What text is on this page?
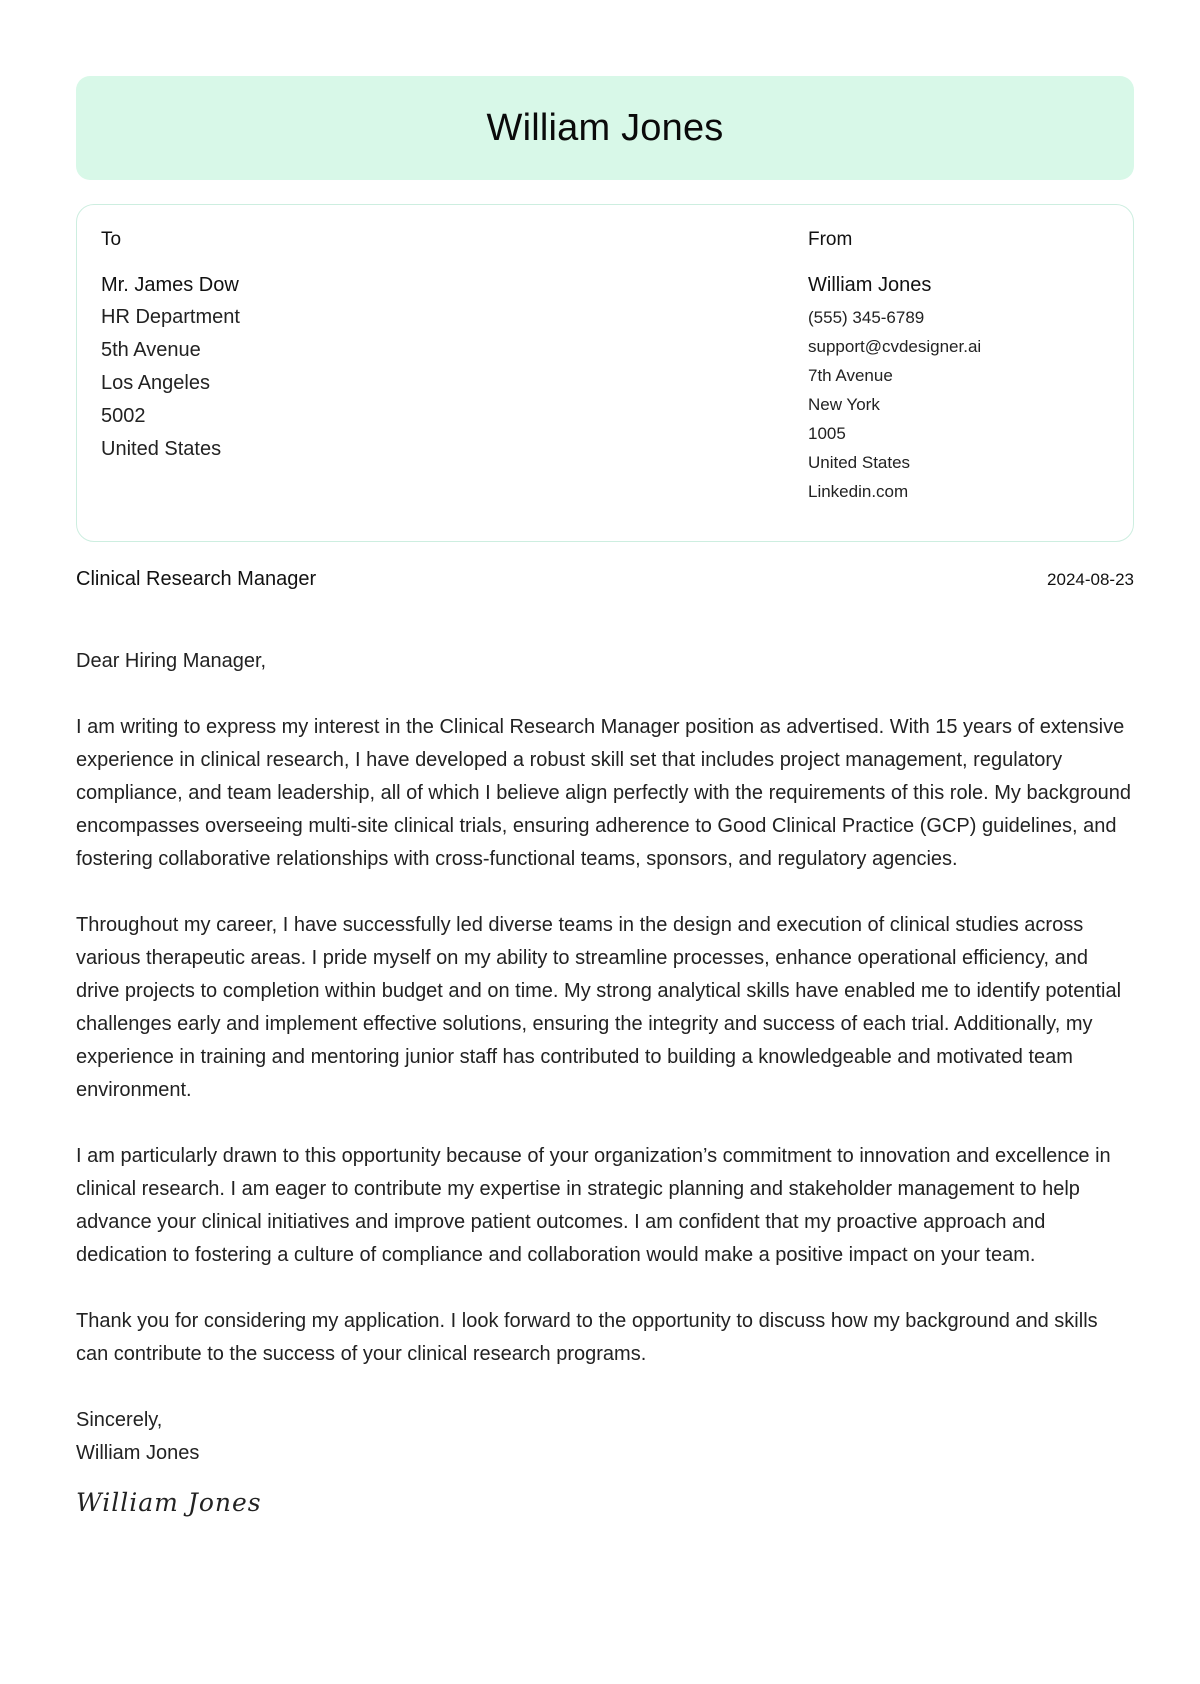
William Jones
To
Mr. James Dow
HR Department
5th Avenue
Los Angeles
5002
United States
From
William Jones
(555) 345-6789
support@cvdesigner.ai
7th Avenue
New York
1005
United States
Linkedin.com
Clinical Research Manager	2024-08-23
Dear Hiring Manager,

I am writing to express my interest in the Clinical Research Manager position as advertised. With 15 years of extensive experience in clinical research, I have developed a robust skill set that includes project management, regulatory compliance, and team leadership, all of which I believe align perfectly with the requirements of this role. My background encompasses overseeing multi-site clinical trials, ensuring adherence to Good Clinical Practice (GCP) guidelines, and fostering collaborative relationships with cross-functional teams, sponsors, and regulatory agencies.

Throughout my career, I have successfully led diverse teams in the design and execution of clinical studies across various therapeutic areas. I pride myself on my ability to streamline processes, enhance operational efficiency, and drive projects to completion within budget and on time. My strong analytical skills have enabled me to identify potential challenges early and implement effective solutions, ensuring the integrity and success of each trial. Additionally, my experience in training and mentoring junior staff has contributed to building a knowledgeable and motivated team environment.

I am particularly drawn to this opportunity because of your organization’s commitment to innovation and excellence in clinical research. I am eager to contribute my expertise in strategic planning and stakeholder management to help advance your clinical initiatives and improve patient outcomes. I am confident that my proactive approach and dedication to fostering a culture of compliance and collaboration would make a positive impact on your team.

Thank you for considering my application. I look forward to the opportunity to discuss how my background and skills can contribute to the success of your clinical research programs.

Sincerely,
William Jones
William Jones
